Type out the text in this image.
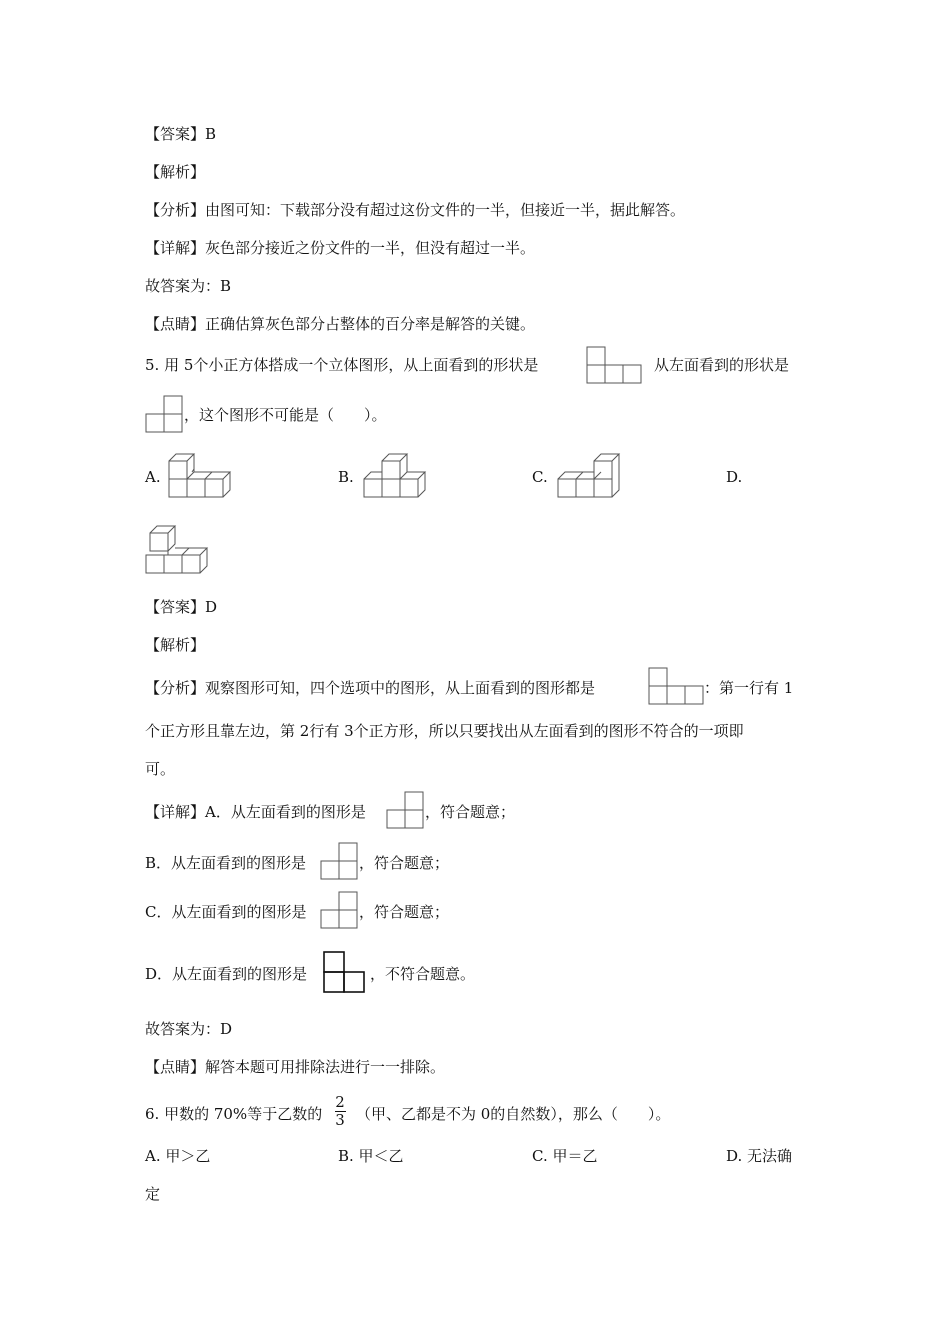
【答案】B
【解析】
【分析】由图可知：下载部分没有超过这份文件的一半，但接近一半，据此解答。
【详解】灰色部分接近之份文件的一半，但没有超过一半。
故答案为：B
【点睛】正确估算灰色部分占整体的百分率是解答的关键。
5. 用 5个小正方体搭成一个立体图形，从上面看到的形状是	从左面看到的形状是
，这个图形不可能是（　　）。
A.	B.	C.	D.
【答案】D
【解析】
【分析】观察图形可知，四个选项中的图形，从上面看到的图形都是	：第一行有 1
个正方形且靠左边，第 2行有 3个正方形，所以只要找出从左面看到的图形不符合的一项即
可。
【详解】A．从左面看到的图形是	，符合题意；
B．从左面看到的图形是	，符合题意；
C．从左面看到的图形是	，符合题意；
D．从左面看到的图形是	，不符合题意。
故答案为：D
【点睛】解答本题可用排除法进行一一排除。
6. 甲数的 70%等于乙数的
2
3 （甲、乙都是不为 0的自然数），那么（　　）。
A. 甲＞乙	B. 甲＜乙	C. 甲＝乙	D. 无法确
定
